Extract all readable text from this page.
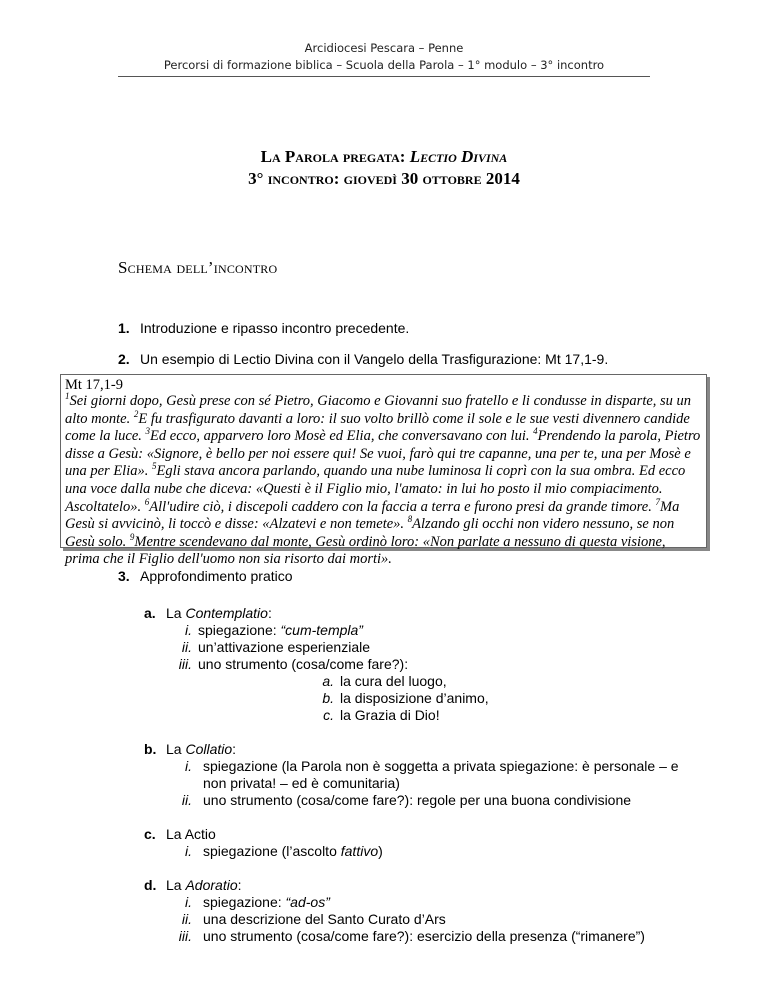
Arcidiocesi Pescara – Penne
Percorsi di formazione biblica – Scuola della Parola – 1° modulo – 3° incontro
La Parola pregata: Lectio Divina
3° incontro: giovedì 30 ottobre 2014
Schema dell’incontro
1. Introduzione e ripasso incontro precedente.
2. Un esempio di Lectio Divina con il Vangelo della Trasfigurazione: Mt 17,1-9.
Mt 17,1-9
$^1$Sei giorni dopo, Gesù prese con sé Pietro, Giacomo e Giovanni suo fratello e li condusse in disparte, su un alto monte. $^2$E fu trasfigurato davanti a loro: il suo volto brillò come il sole e le sue vesti divennero candide come la luce. $^3$Ed ecco, apparvero loro Mosè ed Elia, che conversavano con lui. $^4$Prendendo la parola, Pietro disse a Gesù: «Signore, è bello per noi essere qui! Se vuoi, farò qui tre capanne, una per te, una per Mosè e una per Elia». $^5$Egli stava ancora parlando, quando una nube luminosa li coprì con la sua ombra. Ed ecco una voce dalla nube che diceva: «Questi è il Figlio mio, l'amato: in lui ho posto il mio compiacimento. Ascoltatelo». $^6$All'udire ciò, i discepoli caddero con la faccia a terra e furono presi da grande timore. $^7$Ma Gesù si avvicinò, li toccò e disse: «Alzatevi e non temete». $^8$Alzando gli occhi non videro nessuno, se non Gesù solo. $^9$Mentre scendevano dal monte, Gesù ordinò loro: «Non parlate a nessuno di questa visione, prima che il Figlio dell'uomo non sia risorto dai morti».
3. Approfondimento pratico
a. La Contemplatio:
i. spiegazione: “cum-templa”
ii. un’attivazione esperienziale
iii. uno strumento (cosa/come fare?):
a. la cura del luogo,
b. la disposizione d’animo,
c. la Grazia di Dio!
b. La Collatio:
i. spiegazione (la Parola non è soggetta a privata spiegazione: è personale – e
non privata! – ed è comunitaria)
ii. uno strumento (cosa/come fare?): regole per una buona condivisione
c. La Actio
i. spiegazione (l’ascolto fattivo)
d. La Adoratio:
i. spiegazione: “ad-os”
ii. una descrizione del Santo Curato d’Ars
iii. uno strumento (cosa/come fare?): esercizio della presenza (“rimanere”)
